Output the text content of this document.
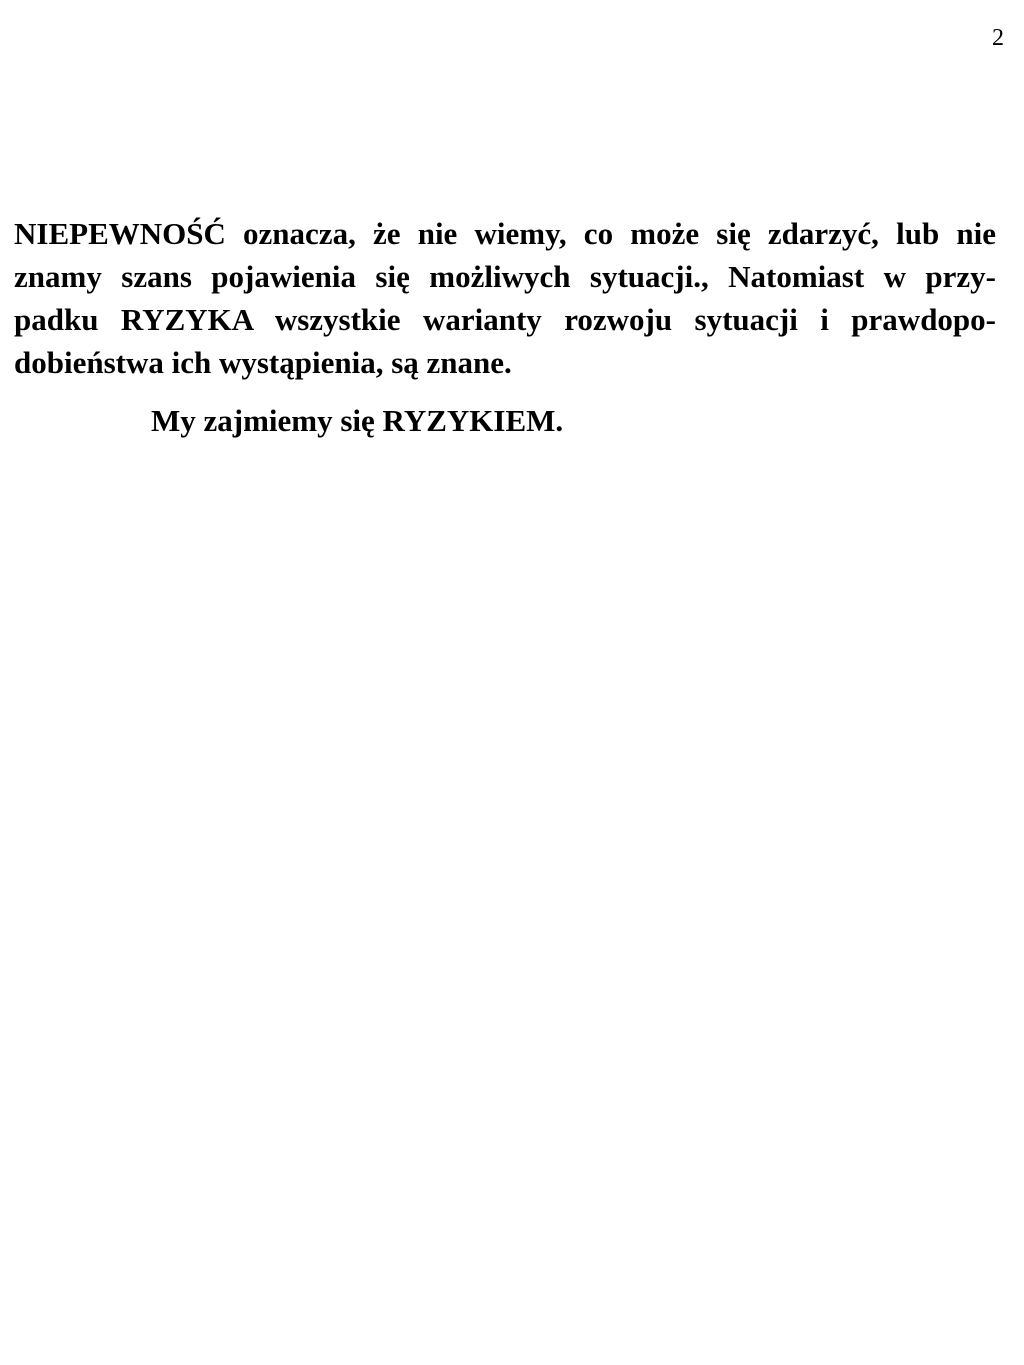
2

NIEPEWNOŚĆ oznacza, że nie wiemy, co może się zdarzyć, lub nie
znamy szans pojawienia się możliwych sytuacji., Natomiast w przy-
padku RYZYKA wszystkie warianty rozwoju sytuacji i prawdopo-
dobieństwa ich wystąpienia, są znane.

My zajmiemy się RYZYKIEM.
